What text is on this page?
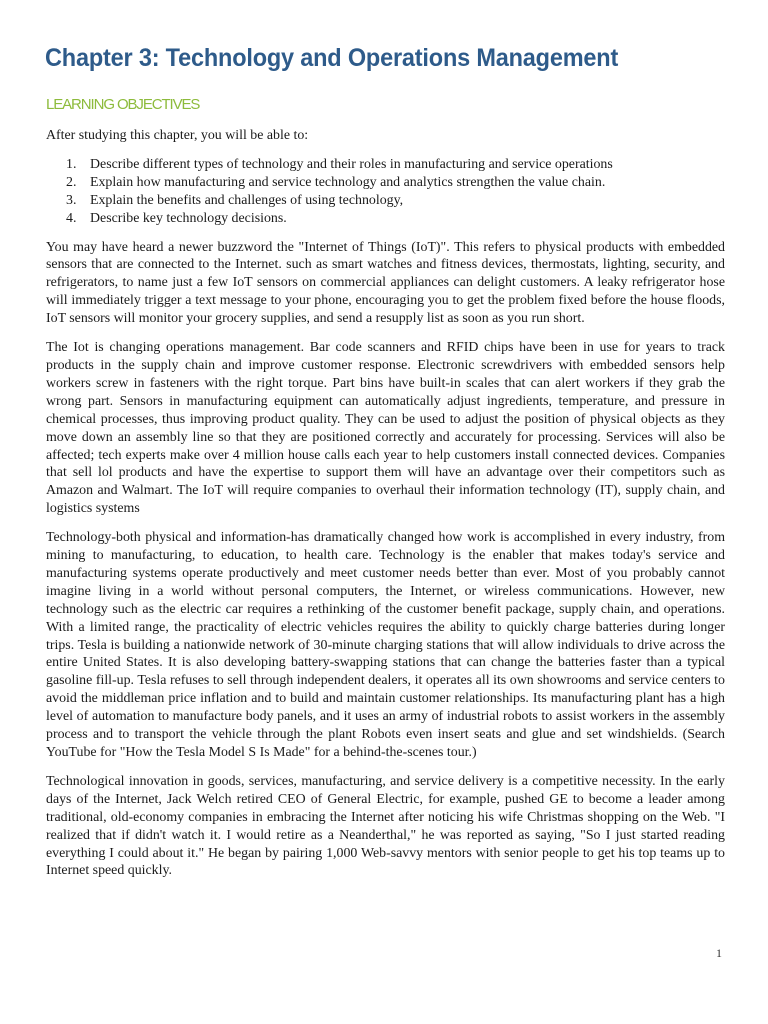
Chapter 3: Technology and Operations Management
LEARNING OBJECTIVES

After studying this chapter, you will be able to:

1. Describe different types of technology and their roles in manufacturing and service operations
2. Explain how manufacturing and service technology and analytics strengthen the value chain.
3. Explain the benefits and challenges of using technology,
4. Describe key technology decisions.

You may have heard a newer buzzword the "Internet of Things (IoT)". This refers to physical products with embedded sensors that are connected to the Internet. such as smart watches and fitness devices, thermostats, lighting, security, and refrigerators, to name just a few IoT sensors on commercial appliances can delight customers. A leaky refrigerator hose will immediately trigger a text message to your phone, encouraging you to get the problem fixed before the house floods, IoT sensors will monitor your grocery supplies, and send a resupply list as soon as you run short.

The Iot is changing operations management. Bar code scanners and RFID chips have been in use for years to track products in the supply chain and improve customer response. Electronic screwdrivers with embedded sensors help workers screw in fasteners with the right torque. Part bins have built-in scales that can alert workers if they grab the wrong part. Sensors in manufacturing equipment can automatically adjust ingredients, temperature, and pressure in chemical processes, thus improving product quality. They can be used to adjust the position of physical objects as they move down an assembly line so that they are positioned correctly and accurately for processing. Services will also be affected; tech experts make over 4 million house calls each year to help customers install connected devices. Companies that sell lol products and have the expertise to support them will have an advantage over their competitors such as Amazon and Walmart. The IoT will require companies to overhaul their information technology (IT), supply chain, and logistics systems

Technology-both physical and information-has dramatically changed how work is accomplished in every industry, from mining to manufacturing, to education, to health care. Technology is the enabler that makes today's service and manufacturing systems operate productively and meet customer needs better than ever. Most of you probably cannot imagine living in a world without personal computers, the Internet, or wireless communications. However, new technology such as the electric car requires a rethinking of the customer benefit package, supply chain, and operations. With a limited range, the practicality of electric vehicles requires the ability to quickly charge batteries during longer trips. Tesla is building a nationwide network of 30-minute charging stations that will allow individuals to drive across the entire United States. It is also developing battery-swapping stations that can change the batteries faster than a typical gasoline fill-up. Tesla refuses to sell through independent dealers, it operates all its own showrooms and service centers to avoid the middleman price inflation and to build and maintain customer relationships. Its manufacturing plant has a high level of automation to manufacture body panels, and it uses an army of industrial robots to assist workers in the assembly process and to transport the vehicle through the plant Robots even insert seats and glue and set windshields. (Search YouTube for "How the Tesla Model S Is Made" for a behind-the-scenes tour.)

Technological innovation in goods, services, manufacturing, and service delivery is a competitive necessity. In the early days of the Internet, Jack Welch retired CEO of General Electric, for example, pushed GE to become a leader among traditional, old-economy companies in embracing the Internet after noticing his wife Christmas shopping on the Web. "I realized that if didn't watch it. I would retire as a Neanderthal," he was reported as saying, "So I just started reading everything I could about it." He began by pairing 1,000 Web-savvy mentors with senior people to get his top teams up to Internet speed quickly.

1
